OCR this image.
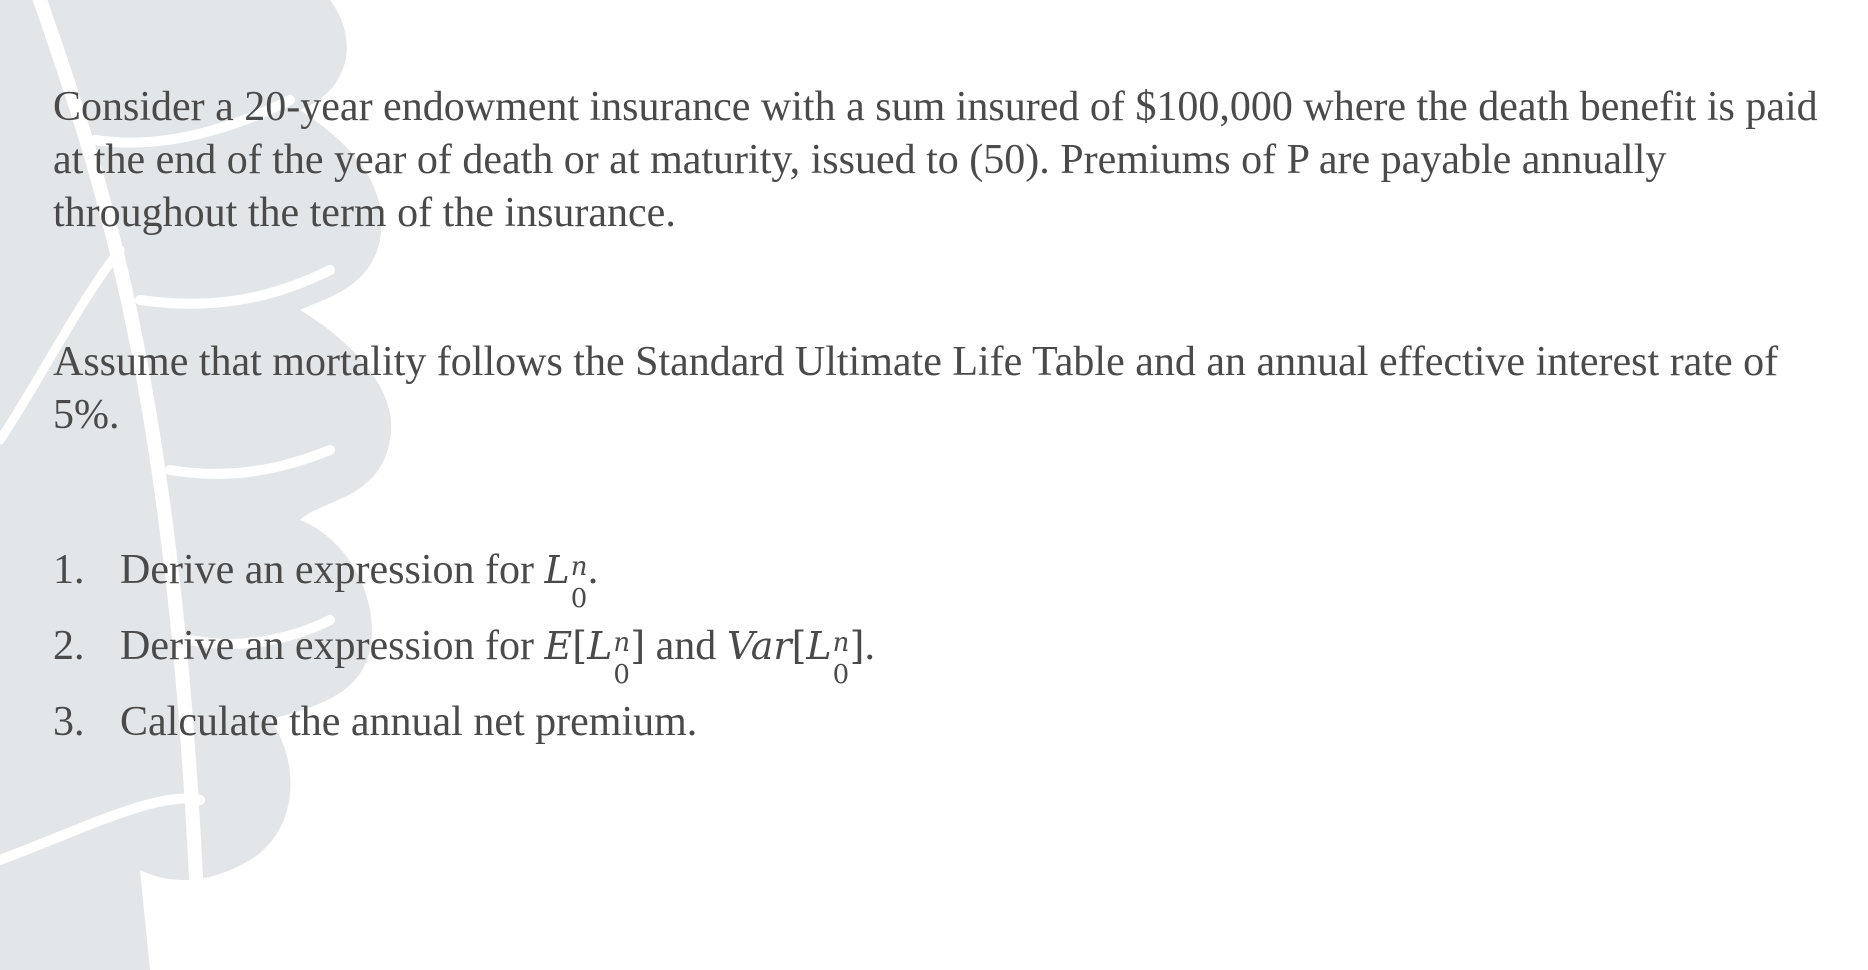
Consider a 20-year endowment insurance with a sum insured of $100,000 where the death benefit is paid at the end of the year of death or at maturity, issued to (50). Premiums of P are payable annually throughout the term of the insurance.

Assume that mortality follows the Standard Ultimate Life Table and an annual effective interest rate of 5%.

1. Derive an expression for L n
0
.
2. Derive an expression for E[L n
0
] and Var[L n
0
].
3. Calculate the annual net premium.
